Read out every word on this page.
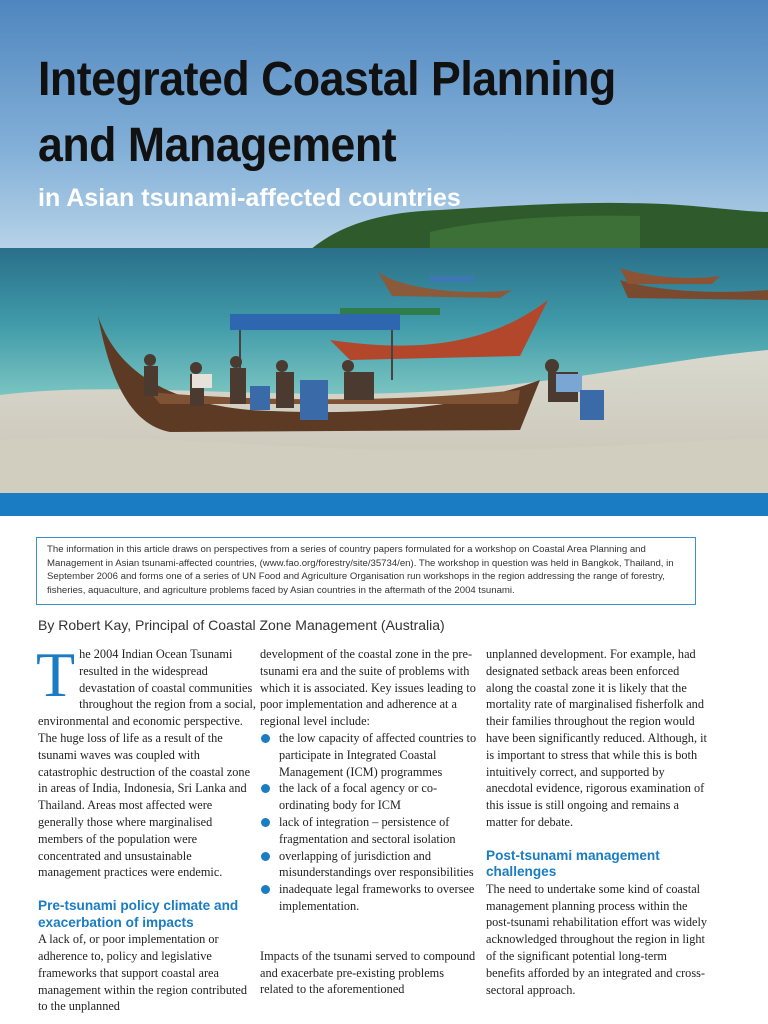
Integrated Coastal Planning
and Management
in Asian tsunami-affected countries
The information in this article draws on perspectives from a series of country papers formulated for a workshop on Coastal Area Planning and Management in Asian tsunami-affected countries, (www.fao.org/forestry/site/35734/en). The workshop in question was held in Bangkok, Thailand, in September 2006 and forms one of a series of UN Food and Agriculture Organisation run workshops in the region addressing the range of forestry, fisheries, aquaculture, and agriculture problems faced by Asian countries in the aftermath of the 2004 tsunami.
By Robert Kay, Principal of Coastal Zone Management (Australia)

T he 2004 Indian Ocean Tsunami resulted in the widespread devastation of coastal communities throughout the region from a social, environmental and economic perspective. The huge loss of life as a result of the tsunami waves was coupled with catastrophic destruction of the coastal zone in areas of India, Indonesia, Sri Lanka and Thailand. Areas most affected were generally those where marginalised members of the population were concentrated and unsustainable management practices were endemic.

Pre-tsunami policy climate and exacerbation of impacts

A lack of, or poor implementation or adherence to, policy and legislative frameworks that support coastal area management within the region contributed to the unplanned

development of the coastal zone in the pre-tsunami era and the suite of problems with which it is associated. Key issues leading to poor implementation and adherence at a regional level include:

the low capacity of affected countries to participate in Integrated Coastal Management (ICM) programmes
the lack of a focal agency or co-ordinating body for ICM
lack of integration – persistence of fragmentation and sectoral isolation
overlapping of jurisdiction and misunderstandings over responsibilities
inadequate legal frameworks to oversee implementation.

Impacts of the tsunami served to compound and exacerbate pre-existing problems related to the aforementioned

unplanned development. For example, had designated setback areas been enforced along the coastal zone it is likely that the mortality rate of marginalised fisherfolk and their families throughout the region would have been significantly reduced. Although, it is important to stress that while this is both intuitively correct, and supported by anecdotal evidence, rigorous examination of this issue is still ongoing and remains a matter for debate.

Post-tsunami management challenges

The need to undertake some kind of coastal management planning process within the post-tsunami rehabilitation effort was widely acknowledged throughout the region in light of the significant potential long-term benefits afforded by an integrated and cross-sectoral approach.
